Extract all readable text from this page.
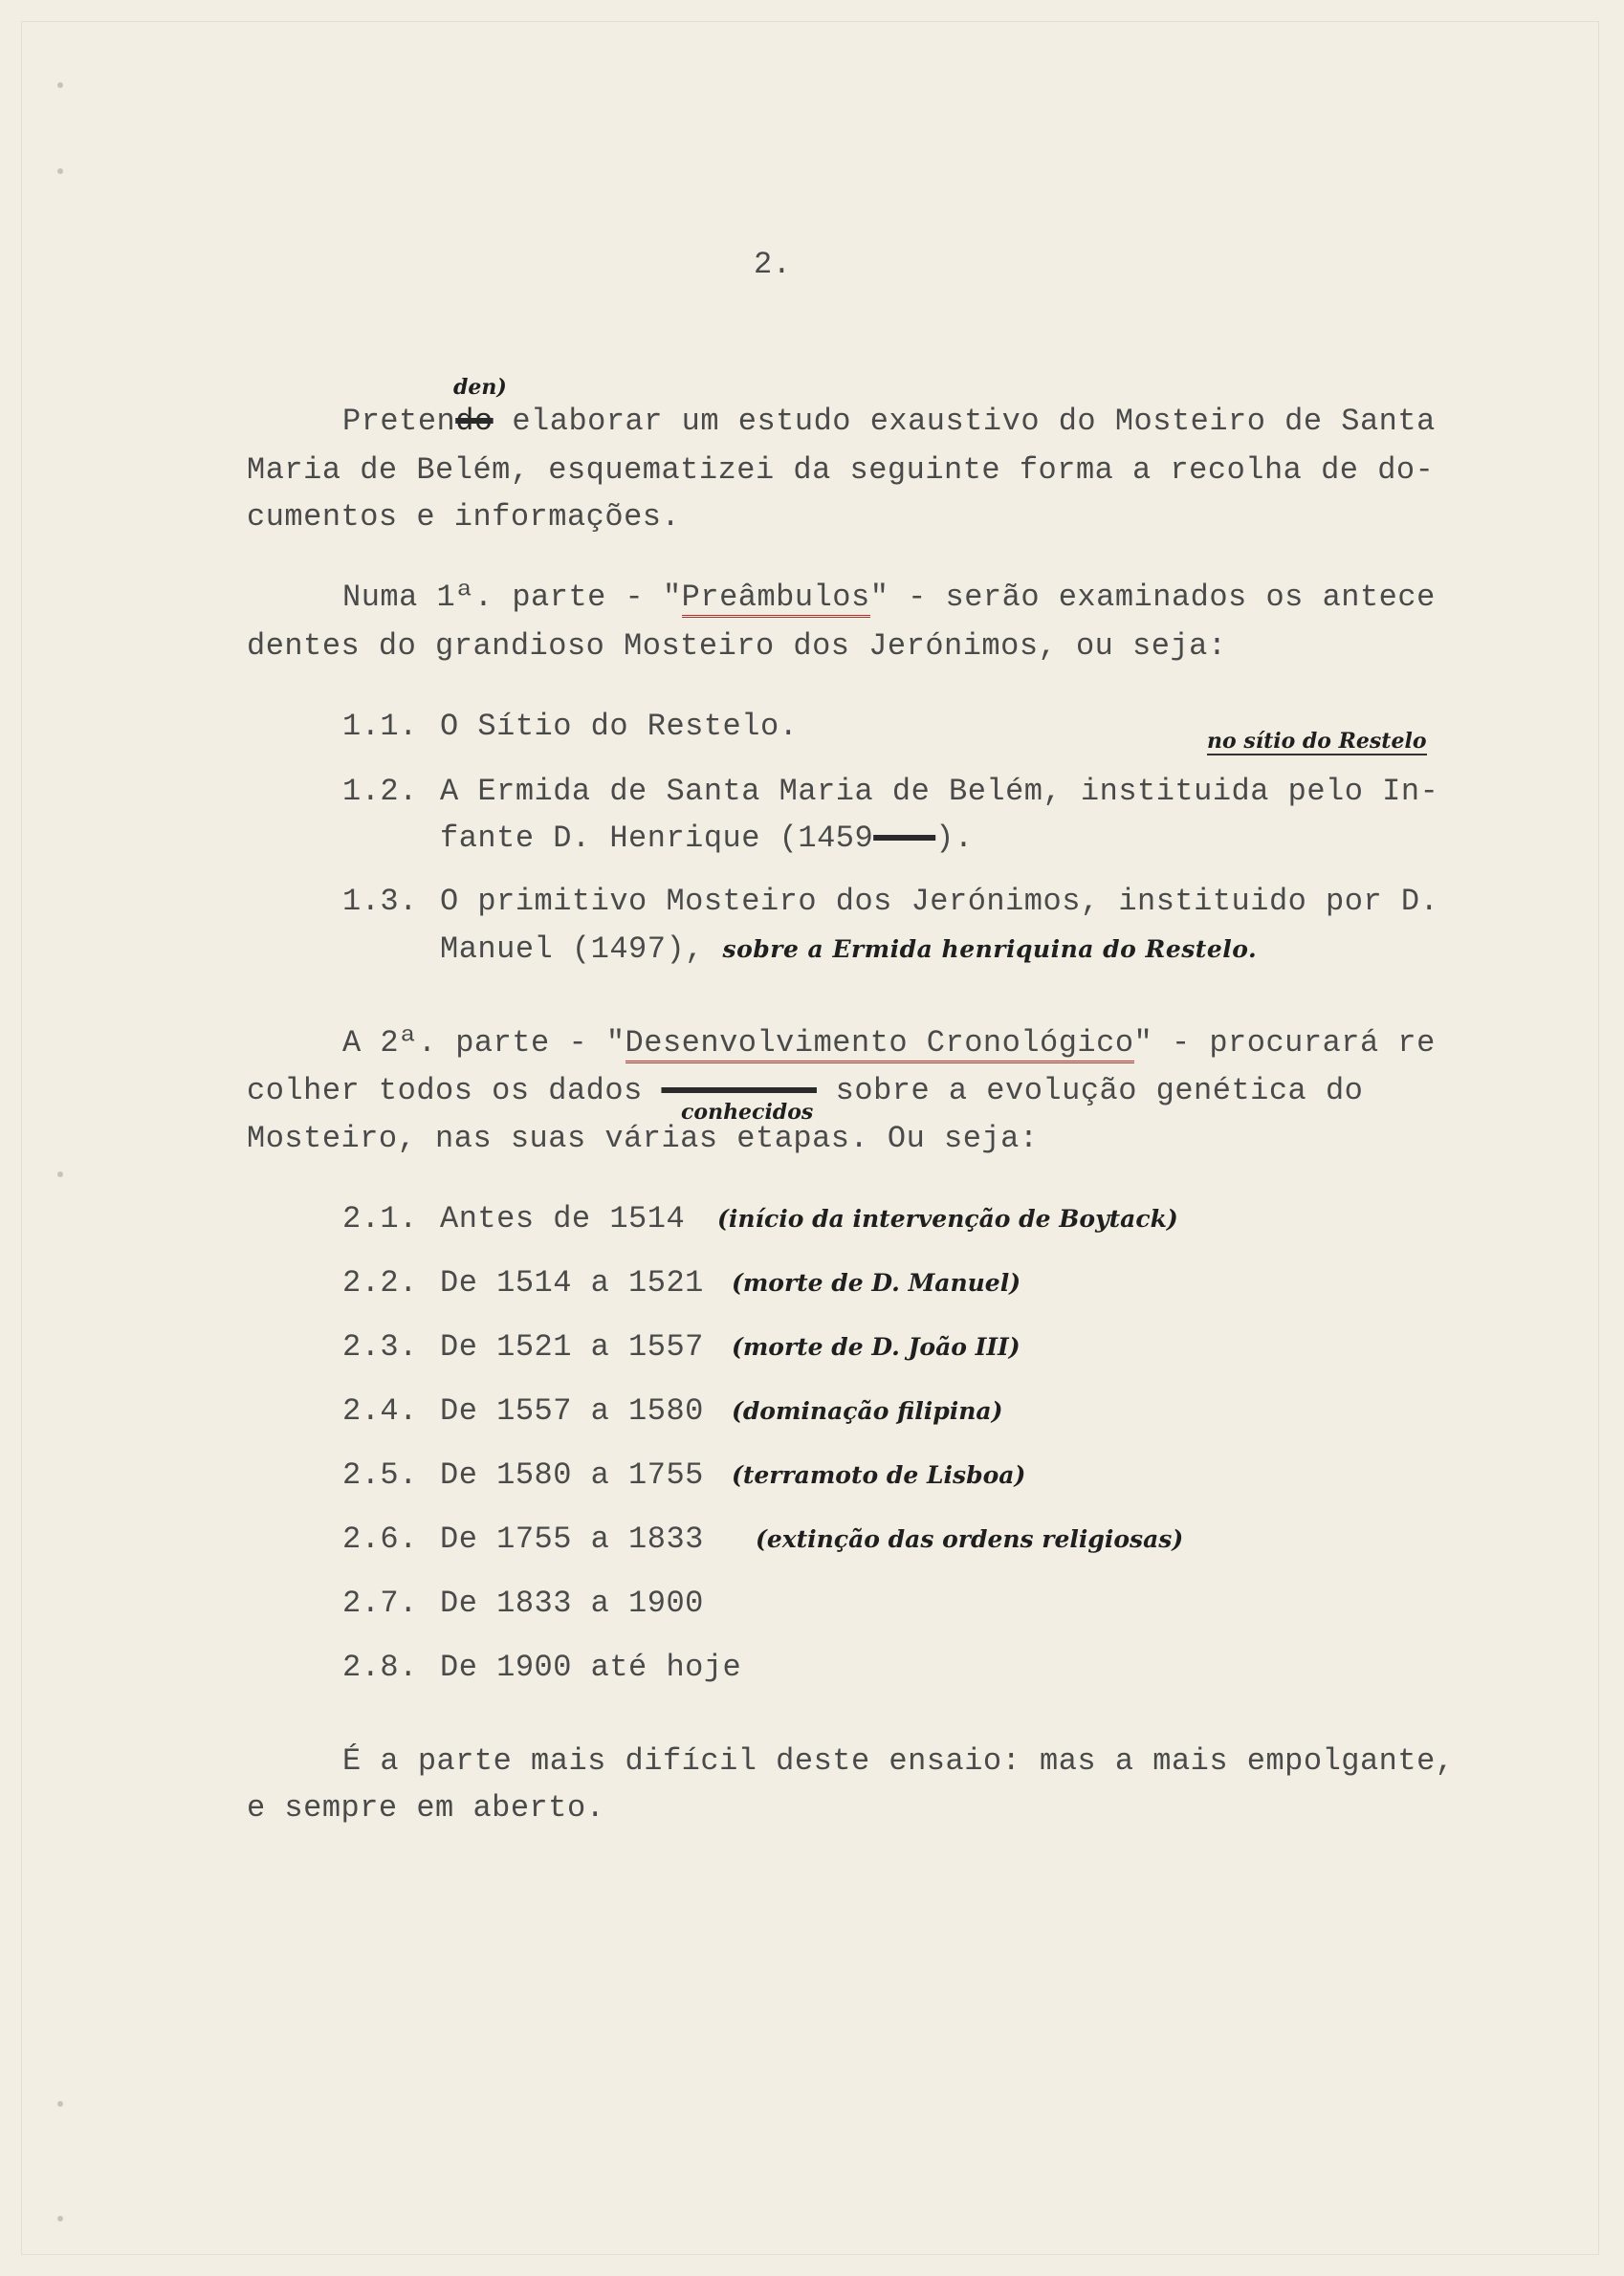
2.
den)
Pretendo elaborar um estudo exaustivo do Mosteiro de Santa
Maria de Belém, esquematizei da seguinte forma a recolha de do-
cumentos e informações.
Numa 1ª. parte - "Preâmbulos" - serão examinados os antece
dentes do grandioso Mosteiro dos Jerónimos, ou seja:
1.1. O Sítio do Restelo.	no sítio do Restelo
1.2. A Ermida de Santa Maria de Belém, instituida pelo In-
fante D. Henrique (1459   ).
1.3. O primitivo Mosteiro dos Jerónimos, instituido por D.
Manuel (1497), sobre a Ermida henriquina do Restelo.
A 2ª. parte - "Desenvolvimento Cronológico" - procurará re
colher todos os dados      	sobre a evolução genética do
conhecidos
Mosteiro, nas suas várias etapas. Ou seja:
2.1. Antes de 1514 (início da intervenção de Boytack)
2.2. De 1514 a 1521 (morte de D. Manuel)
2.3. De 1521 a 1557 (morte de D. João III)
2.4. De 1557 a 1580 (dominação filipina)
2.5. De 1580 a 1755 (terramoto de Lisboa)
2.6. De 1755 a 1833 (extinção das ordens religiosas)
2.7. De 1833 a 1900
2.8. De 1900 até hoje
É a parte mais difícil deste ensaio: mas a mais empolgante,
e sempre em aberto.
